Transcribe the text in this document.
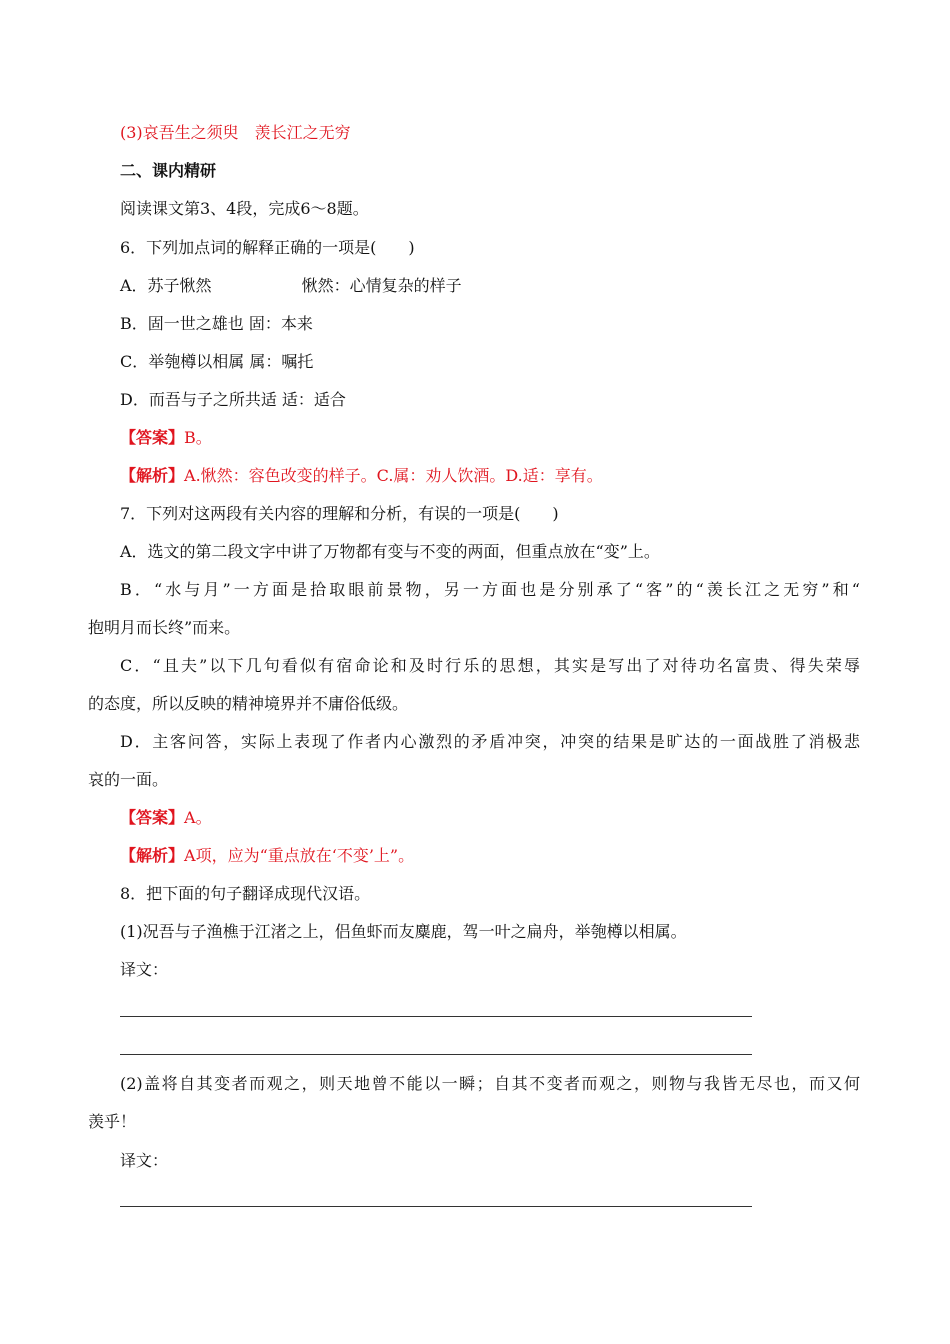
(3)哀吾生之须臾　羡长江之无穷
二、课内精研
阅读课文第3、4段，完成6～8题。
6．下列加点词的解释正确的一项是(　　)
A．苏子愀然	愀然：心情复杂的样子
B．固一世之雄也 固：本来
C．举匏樽以相属 属：嘱托
D．而吾与子之所共适 适：适合
【答案】B。
【解析】A.愀然：容色改变的样子。C.属：劝人饮酒。D.适：享有。
7．下列对这两段有关内容的理解和分析，有误的一项是(　　)
A．选文的第二段文字中讲了万物都有变与不变的两面，但重点放在“变”上。
B．“水与月”一方面是拾取眼前景物，另一方面也是分别承了“客”的“羡长江之无穷”和“
抱明月而长终”而来。
C．“且夫”以下几句看似有宿命论和及时行乐的思想，其实是写出了对待功名富贵、得失荣辱
的态度，所以反映的精神境界并不庸俗低级。
D．主客问答，实际上表现了作者内心激烈的矛盾冲突，冲突的结果是旷达的一面战胜了消极悲
哀的一面。
【答案】A。
【解析】A项，应为“重点放在‘不变’上”。
8．把下面的句子翻译成现代汉语。
(1)况吾与子渔樵于江渚之上，侣鱼虾而友麋鹿，驾一叶之扁舟，举匏樽以相属。
译文：
(2)盖将自其变者而观之，则天地曾不能以一瞬；自其不变者而观之，则物与我皆无尽也，而又何
羡乎！
译文：
